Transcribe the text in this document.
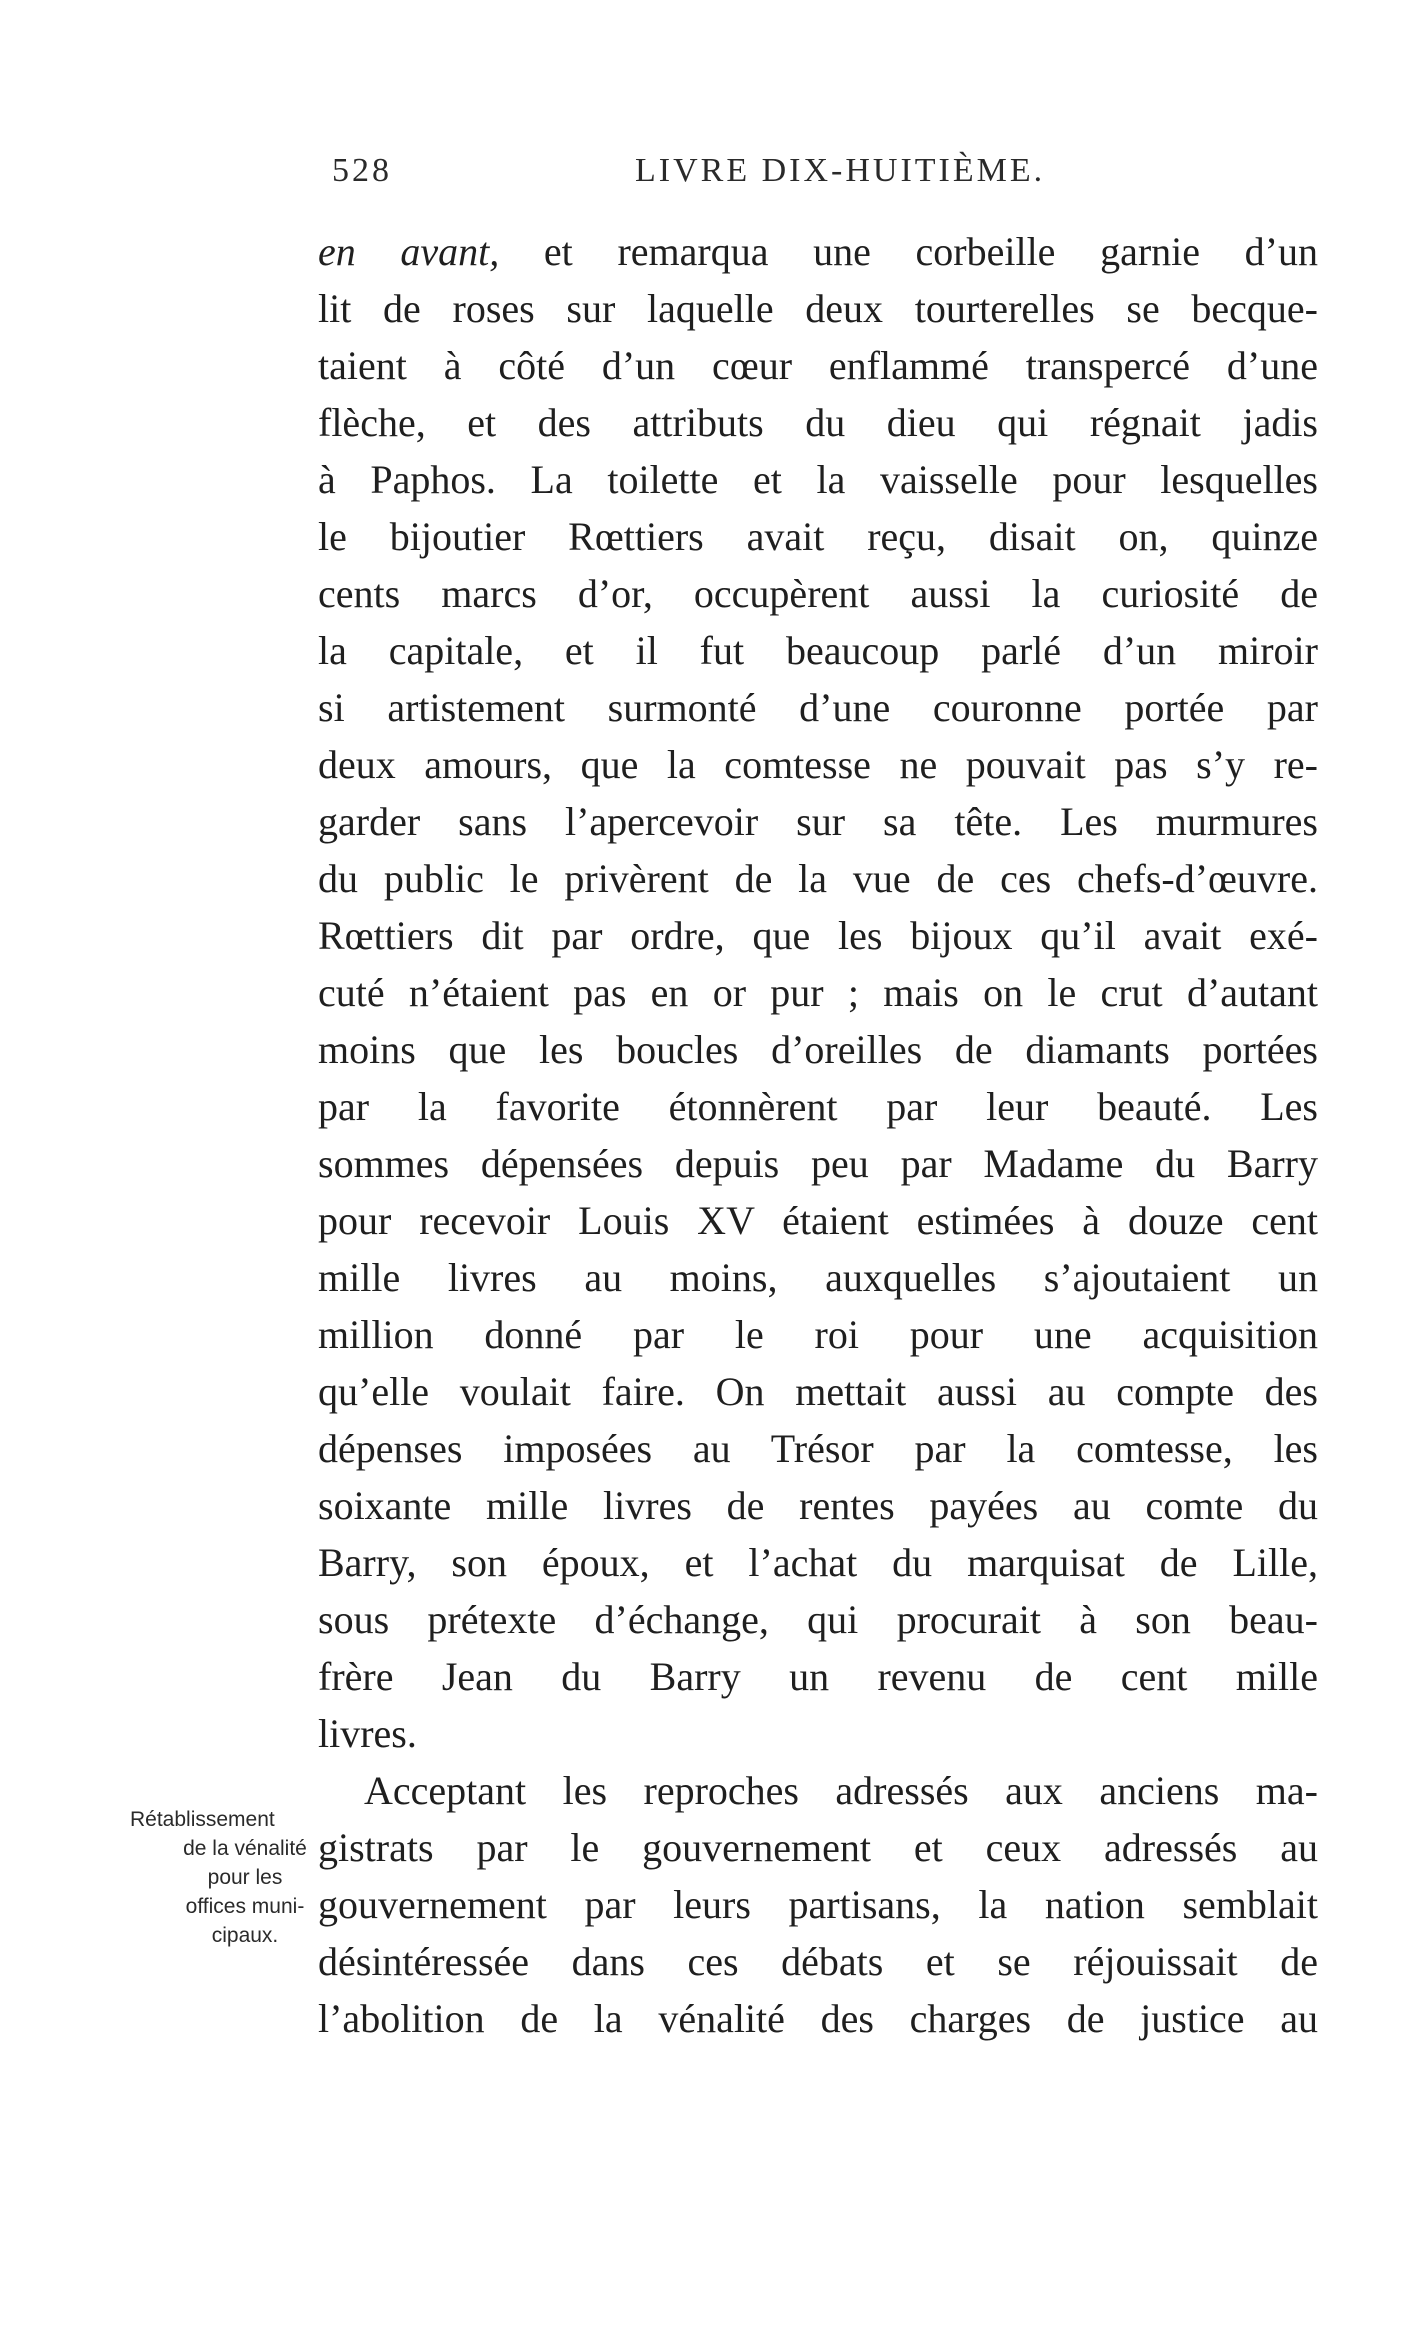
528	LIVRE DIX-HUITIÈME.
en avant, et remarqua une corbeille garnie d’un
lit de roses sur laquelle deux tourterelles se becque-
taient à côté d’un cœur enflammé transpercé d’une
flèche, et des attributs du dieu qui régnait jadis
à Paphos. La toilette et la vaisselle pour lesquelles
le bijoutier Rœttiers avait reçu, disait on, quinze
cents marcs d’or, occupèrent aussi la curiosité de
la capitale, et il fut beaucoup parlé d’un miroir
si artistement surmonté d’une couronne portée par
deux amours, que la comtesse ne pouvait pas s’y re-
garder sans l’apercevoir sur sa tête. Les murmures
du public le privèrent de la vue de ces chefs-d’œuvre.
Rœttiers dit par ordre, que les bijoux qu’il avait exé-
cuté n’étaient pas en or pur ; mais on le crut d’autant
moins que les boucles d’oreilles de diamants portées
par la favorite étonnèrent par leur beauté. Les
sommes dépensées depuis peu par Madame du Barry
pour recevoir Louis XV étaient estimées à douze cent
mille livres au moins, auxquelles s’ajoutaient un
million donné par le roi pour une acquisition
qu’elle voulait faire. On mettait aussi au compte des
dépenses imposées au Trésor par la comtesse, les
soixante mille livres de rentes payées au comte du
Barry, son époux, et l’achat du marquisat de Lille,
sous prétexte d’échange, qui procurait à son beau-
frère Jean du Barry un revenu de cent mille
livres.
Acceptant les reproches adressés aux anciens ma-
gistrats par le gouvernement et ceux adressés au
gouvernement par leurs partisans, la nation semblait
désintéressée dans ces débats et se réjouissait de
l’abolition de la vénalité des charges de justice au
Rétablissement
de la vénalité
pour les
offices muni-
cipaux.
